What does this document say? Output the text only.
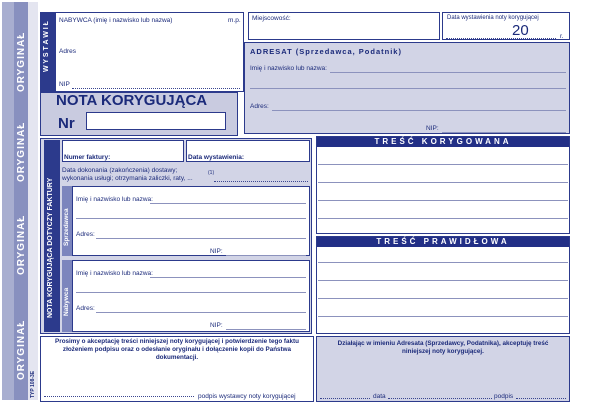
ORYGINAŁ
ORYGINAŁ
ORYGINAŁ
ORYGINAŁ
TYP 108-3E
W Y S T A W I Ł
NABYWCA (imię i nazwisko lub nazwa)	m.p.
Adres
NIP
Miejscowość:	Data wystawienia noty korygującej
20	r.
ADRESAT (Sprzedawca, Podatnik)
Imię i nazwisko lub nazwa:
Adres:
NIP:
NOTA KORYGUJĄCA
Nr
NOTA KORYGUJĄCA DOTYCZY FAKTURY
Numer faktury:	Data wystawienia:
Data dokonania (zakończenia) dostawy;
wykonania usługi; otrzymania zaliczki, raty, ...
(1)
Sprzedawca
Imię i nazwisko lub nazwa:
Adres:
NIP:
Nabywca
Imię i nazwisko lub nazwa:
Adres:
NIP:
TREŚĆ KORYGOWANA
TREŚĆ PRAWIDŁOWA
Prosimy o akceptację treści niniejszej noty korygującej i potwierdzenie tego faktu złożeniem podpisu oraz o odesłanie oryginału i dołączenie kopii do Państwa dokumentacji.
podpis wystawcy noty korygującej
Działając w imieniu Adresata (Sprzedawcy, Podatnika), akceptuję treść niniejszej noty korygującej.
data	podpis
